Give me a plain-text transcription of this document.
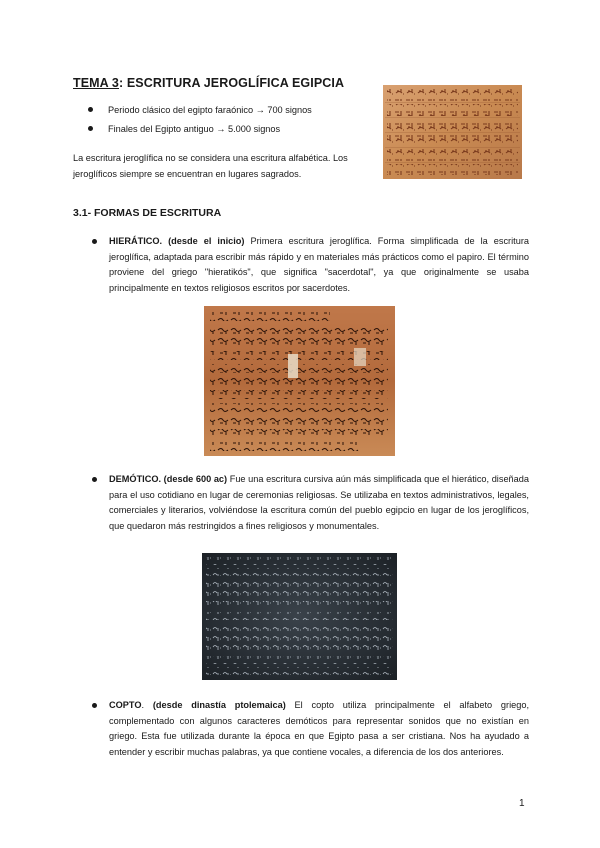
TEMA 3: ESCRITURA JEROGLÍFICA EGIPCIA
Periodo clásico del egipto faraónico → 700 signos
Finales del Egipto antiguo → 5.000 signos
La escritura jeroglífica no se considera una escritura alfabética. Los jeroglíficos siempre se encuentran en lugares sagrados.
3.1- FORMAS DE ESCRITURA
HIERÁTICO. (desde el inicio) Primera escritura jeroglífica. Forma simplificada de la escritura jeroglífica, adaptada para escribir más rápido y en materiales más prácticos como el papiro. El término proviene del griego "hieratikós", que significa "sacerdotal", ya que originalmente se usaba principalmente en textos religiosos escritos por sacerdotes.
DEMÓTICO. (desde 600 ac) Fue una escritura cursiva aún más simplificada que el hierático, diseñada para el uso cotidiano en lugar de ceremonias religiosas. Se utilizaba en textos administrativos, legales, comerciales y literarios, volviéndose la escritura común del pueblo egipcio en lugar de los jeroglíficos, que quedaron más restringidos a fines religiosos y monumentales.
COPTO. (desde dinastía ptolemaica) El copto utiliza principalmente el alfabeto griego, complementado con algunos caracteres demóticos para representar sonidos que no existían en griego. Esta fue utilizada durante la época en que Egipto pasa a ser cristiana. Nos ha ayudado a entender y escribir muchas palabras, ya que contiene vocales, a diferencia de los dos anteriores.
1
